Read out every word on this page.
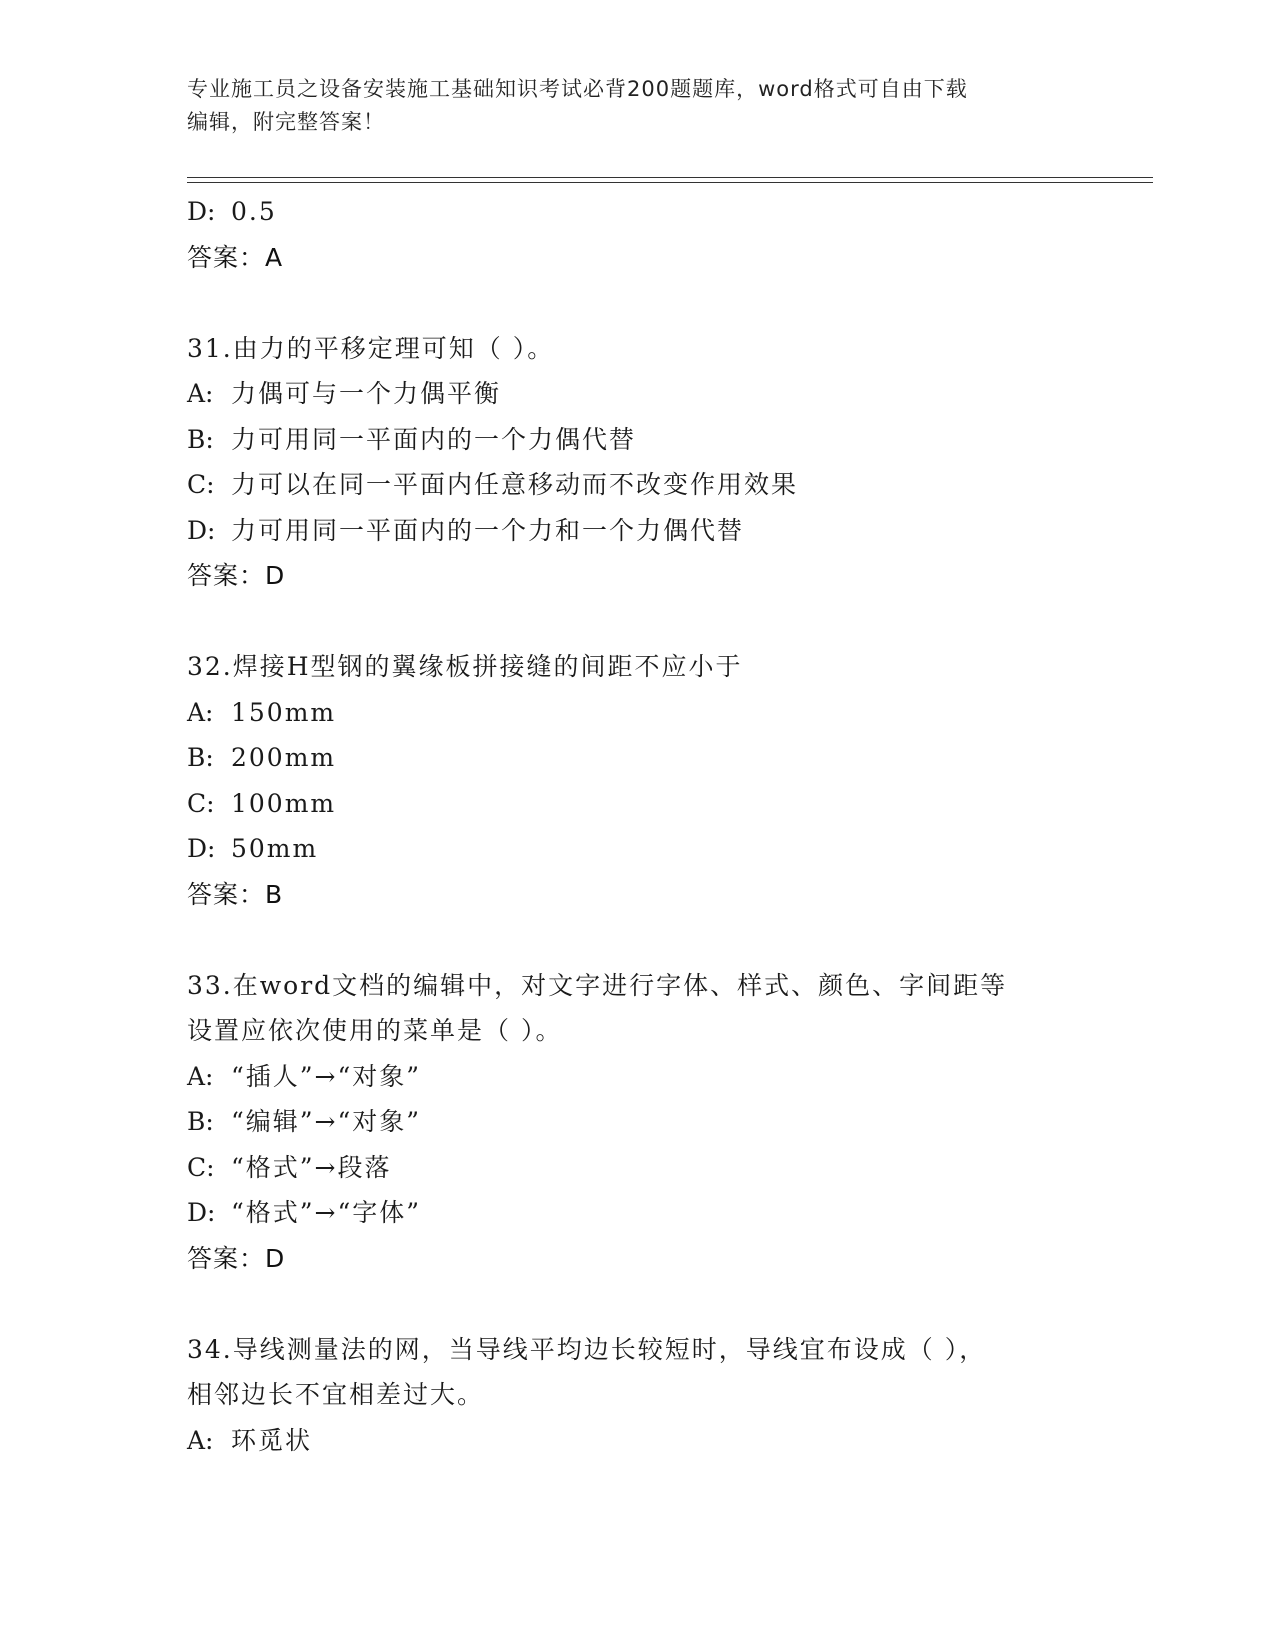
专业施工员之设备安装施工基础知识考试必背200题题库，word格式可自由下载
编辑，附完整答案！
D: 0.5
答案：A
31.由力的平移定理可知（ ）。
A: 力偶可与一个力偶平衡
B: 力可用同一平面内的一个力偶代替
C: 力可以在同一平面内任意移动而不改变作用效果
D: 力可用同一平面内的一个力和一个力偶代替
答案：D
32.焊接H型钢的翼缘板拼接缝的间距不应小于
A: 150mm
B: 200mm
C: 100mm
D: 50mm
答案：B
33.在word文档的编辑中，对文字进行字体、样式、颜色、字间距等
设置应依次使用的菜单是（ ）。
A: “插人”→“对象”
B: “编辑”→“对象”
C: “格式”→段落
D: “格式”→“字体”
答案：D
34.导线测量法的网，当导线平均边长较短时，导线宜布设成（ ），
相邻边长不宜相差过大。
A: 环觅状
